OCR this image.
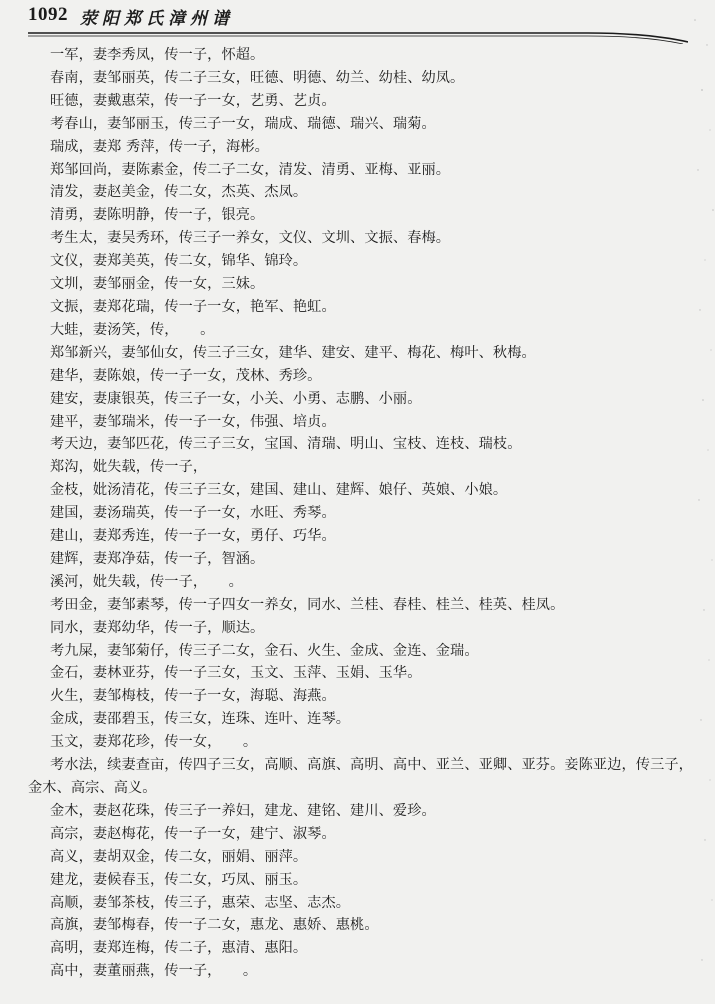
1092 荥阳郑氏漳州谱
一军，妻李秀凤，传一子，怀超。
春南，妻邹丽英，传二子三女，旺德、明德、幼兰、幼桂、幼凤。
旺德，妻戴惠荣，传一子一女，艺勇、艺贞。
考春山，妻邹丽玉，传三子一女，瑞成、瑞德、瑞兴、瑞菊。
瑞成，妻郑 秀萍，传一子，海彬。
郑邹回尚，妻陈素金，传二子二女，清发、清勇、亚梅、亚丽。
清发，妻赵美金，传二女，杰英、杰凤。
清勇，妻陈明静，传一子，银亮。
考生太，妻吴秀环，传三子一养女，文仪、文圳、文振、春梅。
文仪，妻郑美英，传二女，锦华、锦玲。
文圳，妻邹丽金，传一女，三妹。
文振，妻郑花瑞，传一子一女，艳军、艳虹。
大蛙，妻汤笑，传，　　。
郑邹新兴，妻邹仙女，传三子三女，建华、建安、建平、梅花、梅叶、秋梅。
建华，妻陈娘，传一子一女，茂林、秀珍。
建安，妻康银英，传三子一女，小关、小勇、志鹏、小丽。
建平，妻邹瑞米，传一子一女，伟强、培贞。
考天边，妻邹匹花，传三子三女，宝国、清瑞、明山、宝枝、连枝、瑞枝。
郑沟，妣失载，传一子，
金枝，妣汤清花，传三子三女，建国、建山、建辉、娘仔、英娘、小娘。
建国，妻汤瑞英，传一子一女，水旺、秀琴。
建山，妻郑秀连，传一子一女，勇仔、巧华。
建辉，妻郑净菇，传一子，智涵。
溪河，妣失载，传一子，　　。
考田金，妻邹素琴，传一子四女一养女，同水、兰桂、春桂、桂兰、桂英、桂凤。
同水，妻郑幼华，传一子，顺达。
考九屎，妻邹菊仔，传三子二女，金石、火生、金成、金连、金瑞。
金石，妻林亚芬，传一子三女，玉文、玉萍、玉娟、玉华。
火生，妻邹梅枝，传一子一女，海聪、海燕。
金成，妻邵碧玉，传三女，连珠、连叶、连琴。
玉文，妻郑花珍，传一女，　　。
考水法，续妻查亩，传四子三女，高顺、高旗、高明、高中、亚兰、亚卿、亚芬。妾陈亚边，传三子，金木、高宗、高义。
金木，妻赵花珠，传三子一养妇，建龙、建铭、建川、爱珍。
高宗，妻赵梅花，传一子一女，建宁、淑琴。
高义，妻胡双金，传二女，丽娟、丽萍。
建龙，妻候春玉，传二女，巧凤、丽玉。
高顺，妻邹茶枝，传三子，惠荣、志坚、志杰。
高旗，妻邹梅春，传一子二女，惠龙、惠娇、惠桃。
高明，妻郑连梅，传二子，惠清、惠阳。
高中，妻董丽燕，传一子，　　。
